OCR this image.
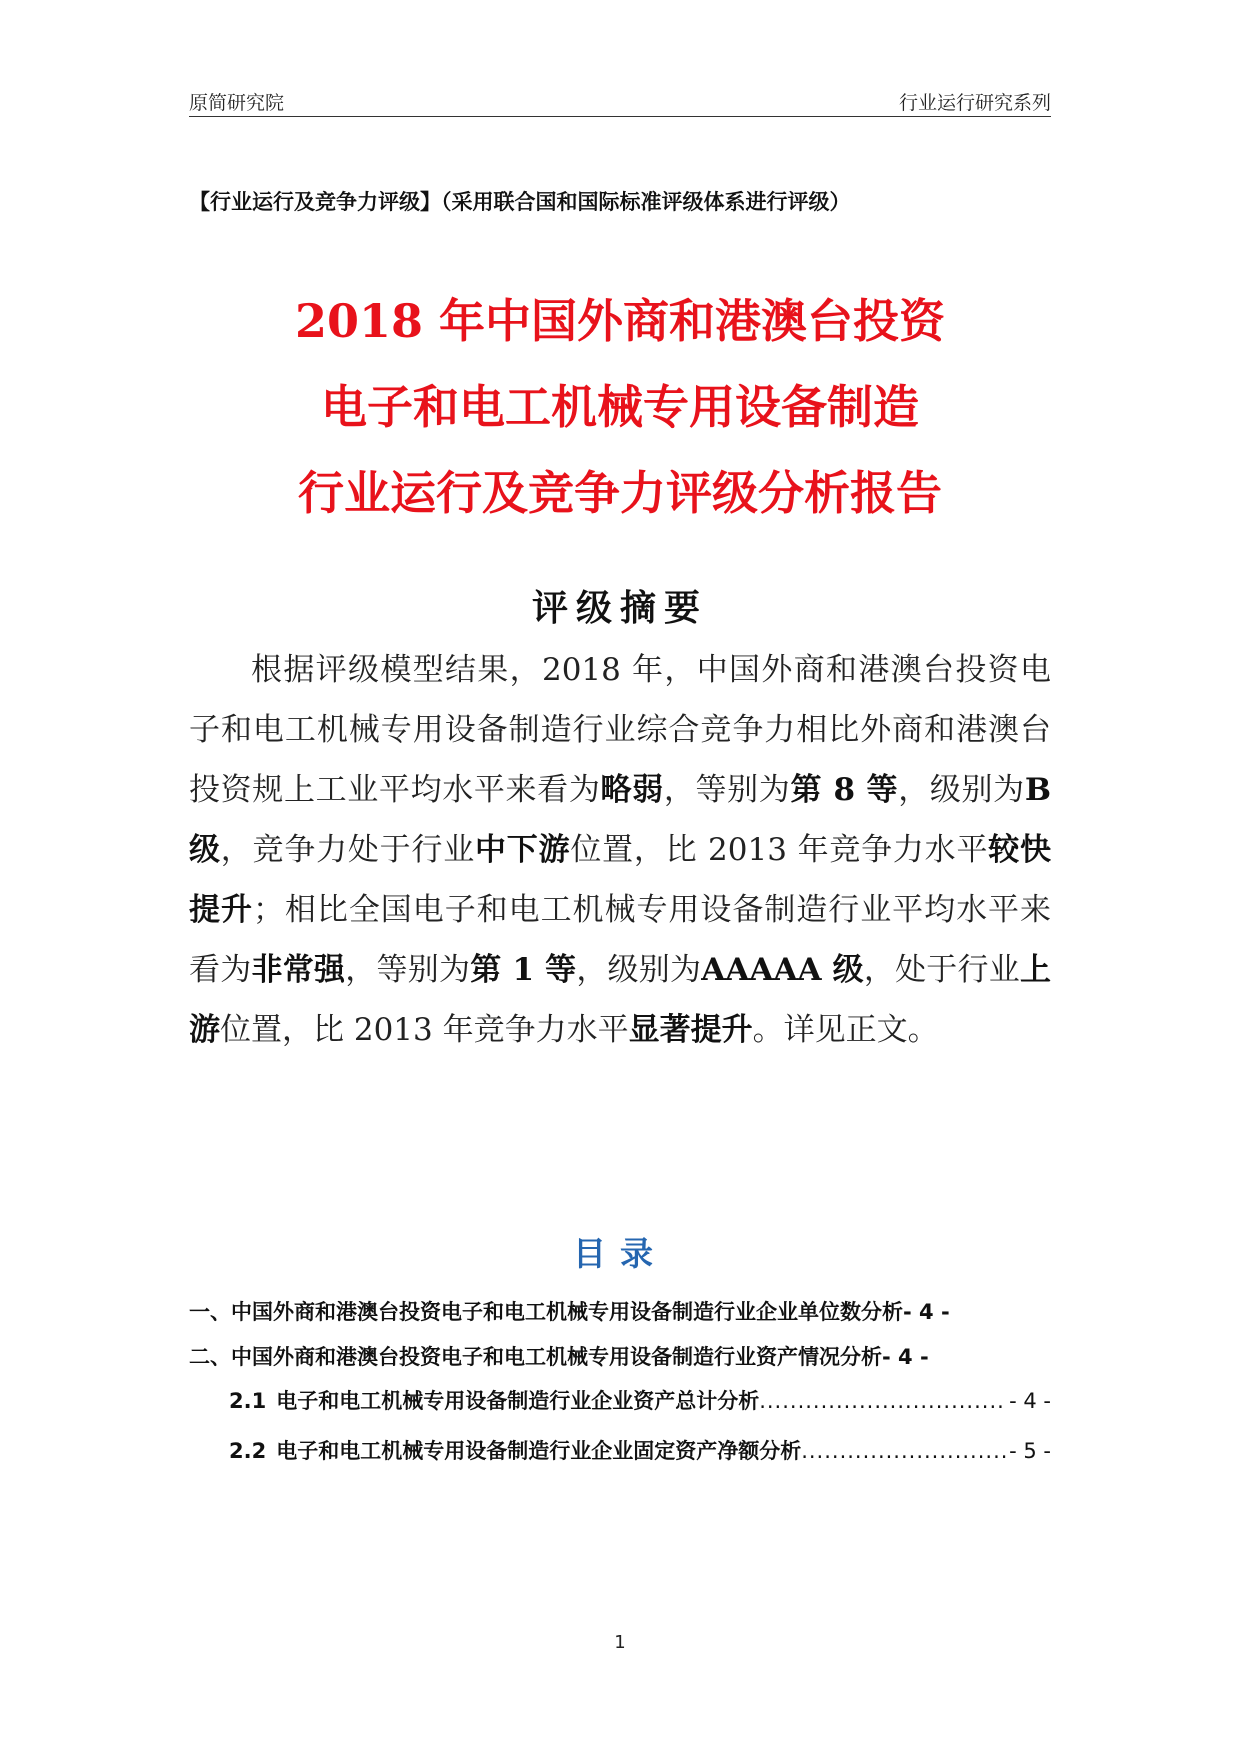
原简研究院	行业运行研究系列
【行业运行及竞争力评级】（采用联合国和国际标准评级体系进行评级）
2018 年中国外商和港澳台投资
电子和电工机械专用设备制造
行业运行及竞争力评级分析报告
评级摘要

根据评级模型结果，2018 年，中国外商和港澳台投资电子和电工机械专用设备制造行业综合竞争力相比外商和港澳台投资规上工业平均水平来看为略弱，等别为第 8 等，级别为B 级，竞争力处于行业中下游位置，比 2013 年竞争力水平较快提升；相比全国电子和电工机械专用设备制造行业平均水平来看为非常强，等别为第 1 等，级别为AAAAA 级，处于行业上游位置，比 2013 年竞争力水平显著提升。详见正文。

目录
一、中国外商和港澳台投资电子和电工机械专用设备制造行业企业单位数分析- 4 -
二、中国外商和港澳台投资电子和电工机械专用设备制造行业资产情况分析- 4 -
2.1 电子和电工机械专用设备制造行业企业资产总计分析 .....	- 4 -
2.2 电子和电工机械专用设备制造行业企业固定资产净额分析 .....	- 5 -
1
